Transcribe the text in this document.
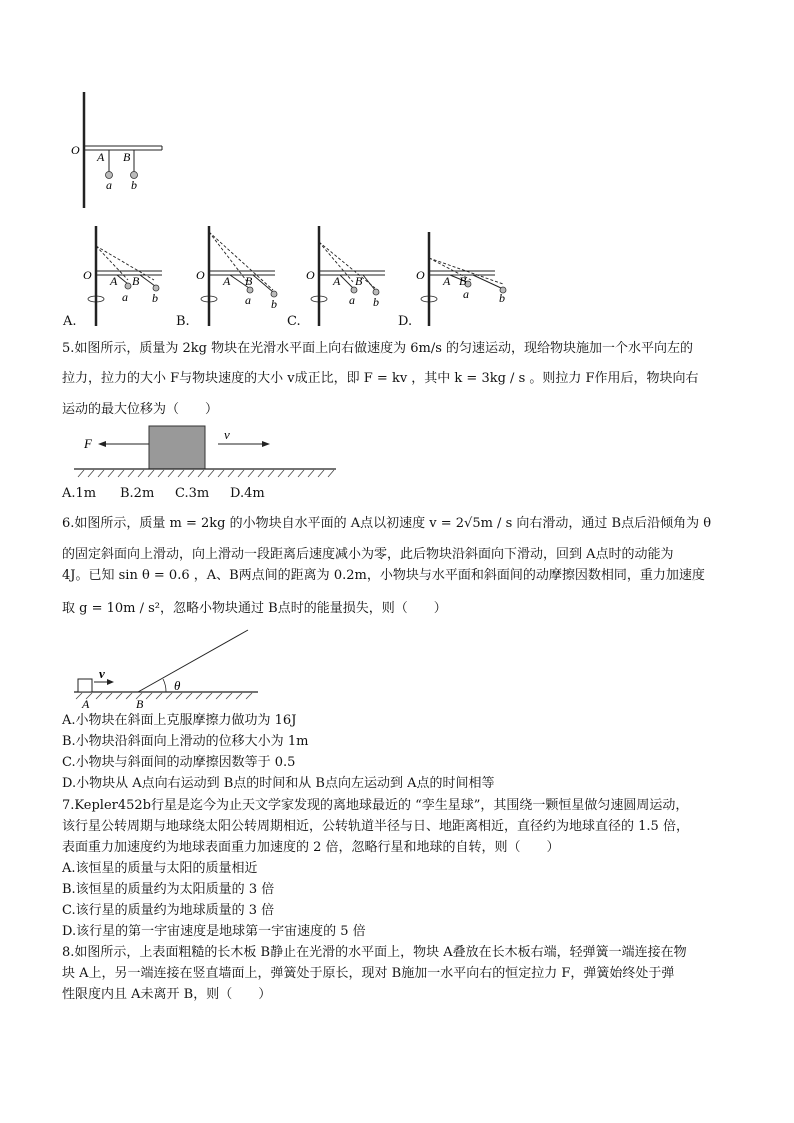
O A B
a b
O A B
a b
A.
O A B
a b
B.
O A B
a b
C.
O A B
a	b
D.
5.如图所示，质量为 2kg 物块在光滑水平面上向右做速度为 6m/s 的匀速运动，现给物块施加一个水平向左的
拉力，拉力的大小 F与物块速度的大小 v成正比，即 F = kv ，其中 k = 3kg / s 。则拉力 F作用后，物块向右
运动的最大位移为（　　）
F
v
A.1m B.2m C.3m D.4m
6.如图所示，质量 m = 2kg 的小物块自水平面的 A点以初速度 v = 2√5m / s 向右滑动，通过 B点后沿倾角为 θ
的固定斜面向上滑动，向上滑动一段距离后速度减小为零，此后物块沿斜面向下滑动，回到 A点时的动能为
4J。已知 sin θ = 0.6 ，A、B两点间的距离为 0.2m，小物块与水平面和斜面间的动摩擦因数相同，重力加速度
取 g = 10m / s²，忽略小物块通过 B点时的能量损失，则（　　）
v
θ
A	B
A.小物块在斜面上克服摩擦力做功为 16J
B.小物块沿斜面向上滑动的位移大小为 1m
C.小物块与斜面间的动摩擦因数等于 0.5
D.小物块从 A点向右运动到 B点的时间和从 B点向左运动到 A点的时间相等
7.Kepler452b行星是迄今为止天文学家发现的离地球最近的 “孪生星球”，其围绕一颗恒星做匀速圆周运动，
该行星公转周期与地球绕太阳公转周期相近，公转轨道半径与日、地距离相近，直径约为地球直径的 1.5 倍，
表面重力加速度约为地球表面重力加速度的 2 倍，忽略行星和地球的自转，则（　　）
A.该恒星的质量与太阳的质量相近
B.该恒星的质量约为太阳质量的 3 倍
C.该行星的质量约为地球质量的 3 倍
D.该行星的第一宇宙速度是地球第一宇宙速度的 5 倍
8.如图所示，上表面粗糙的长木板 B静止在光滑的水平面上，物块 A叠放在长木板右端，轻弹簧一端连接在物
块 A上，另一端连接在竖直墙面上，弹簧处于原长，现对 B施加一水平向右的恒定拉力 F，弹簧始终处于弹
性限度内且 A未离开 B，则（　　）
